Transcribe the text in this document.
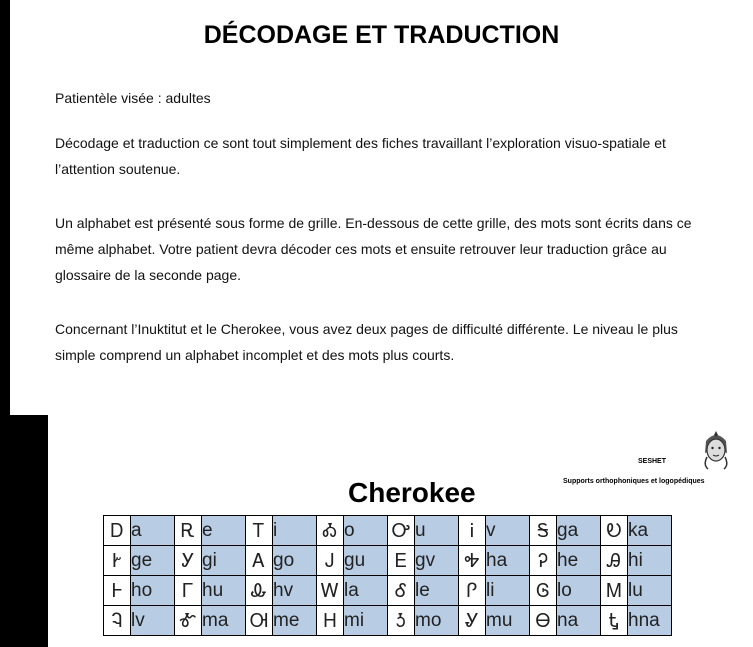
DÉCODAGE ET TRADUCTION

Patientèle visée : adultes

Décodage et traduction ce sont tout simplement des fiches travaillant l’exploration visuo-spatiale et l’attention soutenue.

Un alphabet est présenté sous forme de grille. En-dessous de cette grille, des mots sont écrits dans ce même alphabet. Votre patient devra décoder ces mots et ensuite retrouver leur traduction grâce au glossaire de la seconde page.

Concernant l’Inuktitut et le Cherokee, vous avez deux pages de difficulté différente. Le niveau le plus simple comprend un alphabet incomplet et des mots plus courts.

SESHET
Supports orthophoniques et logopédiques
Cherokee
Ꭰ	a	Ꭱ	e	Ꭲ	i	Ꭳ	o	Ꭴ	u	Ꭵ	v	Ꭶ	ga	Ꭷ	ka
Ꭸ	ge	Ꭹ	gi	Ꭺ	go	Ꭻ	gu	Ꭼ	gv	Ꭽ	ha	Ꭾ	he	Ꭿ	hi
Ꮀ	ho	Ꮁ	hu	Ꮂ	hv	Ꮃ	la	Ꮄ	le	Ꮅ	li	Ꮆ	lo	Ꮇ	lu
Ꮈ	lv	Ꮉ	ma	Ꮊ	me	Ꮋ	mi	Ꮌ	mo	Ꮍ	mu	Ꮎ	na	Ꮏ	hna
